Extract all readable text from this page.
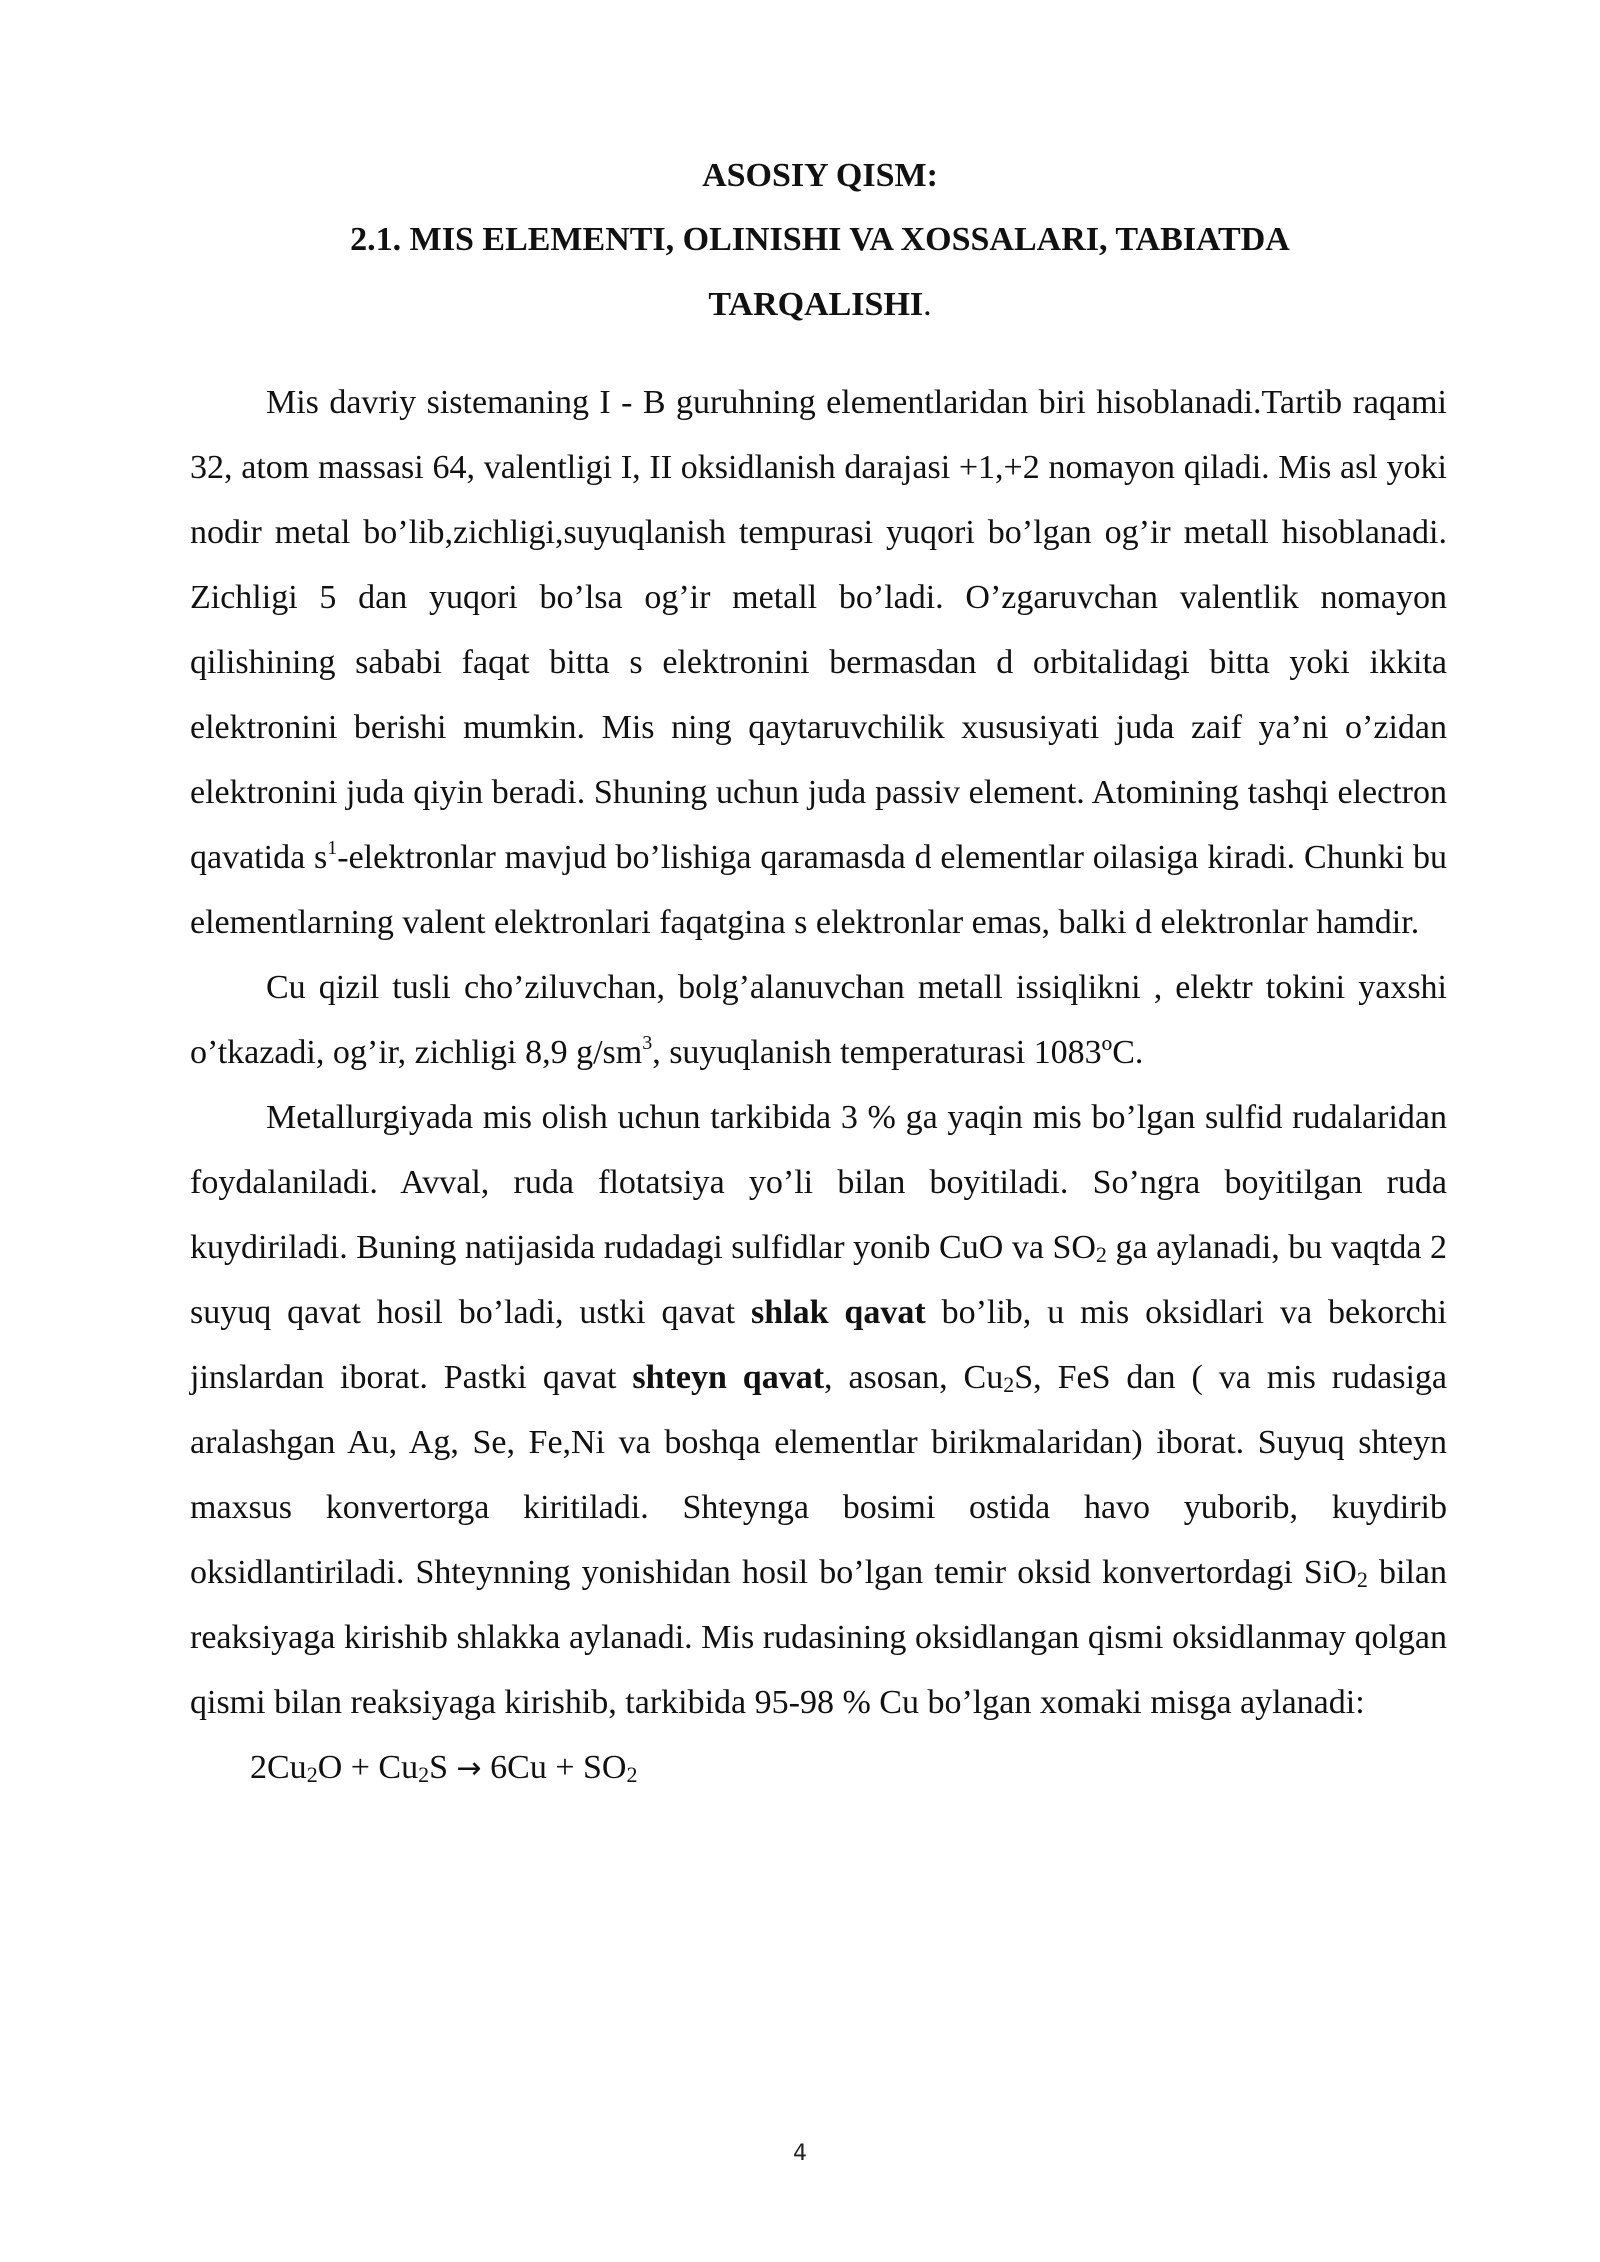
ASOSIY QISM:
2.1. MIS ELEMENTI, OLINISHI VA XOSSALARI, TABIATDA
TARQALISHI.

Mis davriy sistemaning I - B guruhning elementlaridan biri hisoblanadi.Tartib raqami 32, atom massasi 64, valentligi I, II oksidlanish darajasi +1,+2 nomayon qiladi. Mis asl yoki nodir metal bo’lib,zichligi,suyuqlanish tempurasi yuqori bo’lgan og’ir metall hisoblanadi. Zichligi 5 dan yuqori bo’lsa og’ir metall bo’ladi. O’zgaruvchan valentlik nomayon qilishining sababi faqat bitta s elektronini bermasdan d orbitalidagi bitta yoki ikkita elektronini berishi mumkin. Mis ning qaytaruvchilik xususiyati juda zaif ya’ni o’zidan elektronini juda qiyin beradi. Shuning uchun juda passiv element. Atomining tashqi electron qavatida $s^1$-elektronlar mavjud bo’lishiga qaramasda d elementlar oilasiga kiradi. Chunki bu elementlarning valent elektronlari faqatgina s elektronlar emas, balki d elektronlar hamdir.

Cu qizil tusli cho’ziluvchan, bolg’alanuvchan metall issiqlikni , elektr tokini yaxshi o’tkazadi, og’ir, zichligi 8,9 $g/sm^3$, suyuqlanish temperaturasi 1083ºC.

Metallurgiyada mis olish uchun tarkibida 3 % ga yaqin mis bo’lgan sulfid rudalaridan foydalaniladi. Avval, ruda flotatsiya yo’li bilan boyitiladi. So’ngra boyitilgan ruda kuydiriladi. Buning natijasida rudadagi sulfidlar yonib CuO va $SO_2$ ga aylanadi, bu vaqtda 2 suyuq qavat hosil bo’ladi, ustki qavat shlak qavat bo’lib, u mis oksidlari va bekorchi jinslardan iborat. Pastki qavat shteyn qavat, asosan, $Cu_2S$, FeS dan ( va mis rudasiga aralashgan Au, Ag, Se, Fe,Ni va boshqa elementlar birikmalaridan) iborat. Suyuq shteyn maxsus konvertorga kiritiladi. Shteynga bosimi ostida havo yuborib, kuydirib oksidlantiriladi. Shteynning yonishidan hosil bo’lgan temir oksid konvertordagi SiO$_2$ bilan reaksiyaga kirishib shlakka aylanadi. Mis rudasining oksidlangan qismi oksidlanmay qolgan qismi bilan reaksiyaga kirishib, tarkibida 95-98 % Cu bo’lgan xomaki misga aylanadi:

$2Cu_2O + Cu_2S \to 6Cu + SO_2$

4
